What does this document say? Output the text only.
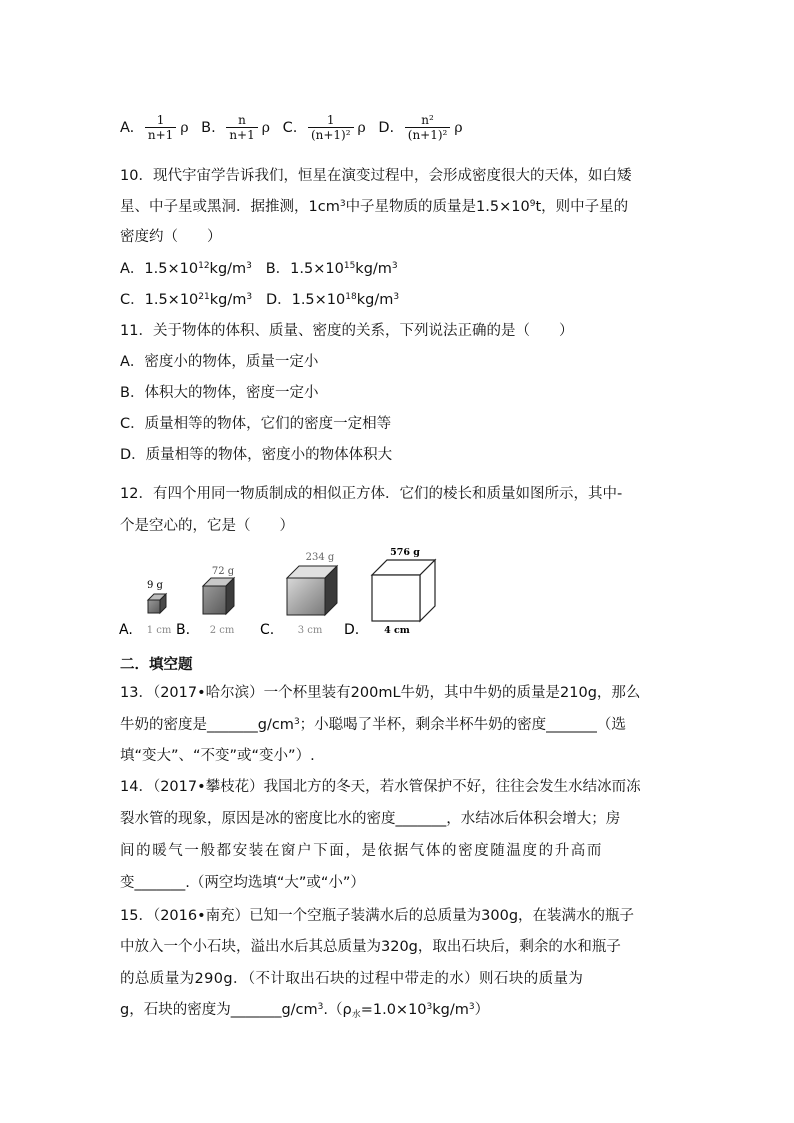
A. $\frac{1}{n+1}$ ρ B. $\frac{n}{n+1}$ ρ C. $\frac{1}{\text{(n+1)²}}$ ρ D. $\frac{\text{n²}}{\text{(n+1)²}}$ ρ
10．现代宇宙学告诉我们，恒星在演变过程中，会形成密度很大的天体，如白矮
星、中子星或黑洞．据推测，$1cm^3$中子星物质的质量是$1.5\times 10^9t$，则中子星的
密度约（　　）
A．$1.5\times 10^{12}kg/m^3$ B．$1.5\times 10^{15}kg/m^3$
C．$1.5\times 10^{21}kg/m^3$ D．$1.5\times 10^{18}kg/m^3$
11．关于物体的体积、质量、密度的关系，下列说法正确的是（　　）
A．密度小的物体，质量一定小
B．体积大的物体，密度一定小
C．质量相等的物体，它们的密度一定相等
D．质量相等的物体，密度小的物体体积大
12．有四个用同一物质制成的相似正方体．它们的棱长和质量如图所示，其中-
个是空心的，它是（　　）
9 g
1 cm
A.
72 g
2 cm
B.
234 g
3 cm
C.
576 g
4 cm
D.
二．填空题
13．（2017•哈尔滨）一个杯里装有200mL牛奶，其中牛奶的质量是210g，那么
牛奶的密度是$\_\_\_\_\_\_\_g/cm^3$；小聪喝了半杯，剩余半杯牛奶的密度_______（选
填“变大”、“不变”或“变小”）.
14．（2017•攀枝花）我国北方的冬天，若水管保护不好，往往会发生水结冰而冻
裂水管的现象，原因是冰的密度比水的密度_______，水结冰后体积会增大；房
间的暖气一般都安装在窗户下面，是依据气体的密度随温度的升高而
变_______.（两空均选填“大”或“小”）
15．（2016•南充）已知一个空瓶子装满水后的总质量为300g，在装满水的瓶子
中放入一个小石块，溢出水后其总质量为320g，取出石块后，剩余的水和瓶子
的总质量为290g．（不计取出石块的过程中带走的水）则石块的质量为
g，石块的密度为$\_\_\_\_\_\_\_g/cm^3.(\rho_水=1.0\times 10^3kg/m^3)$
